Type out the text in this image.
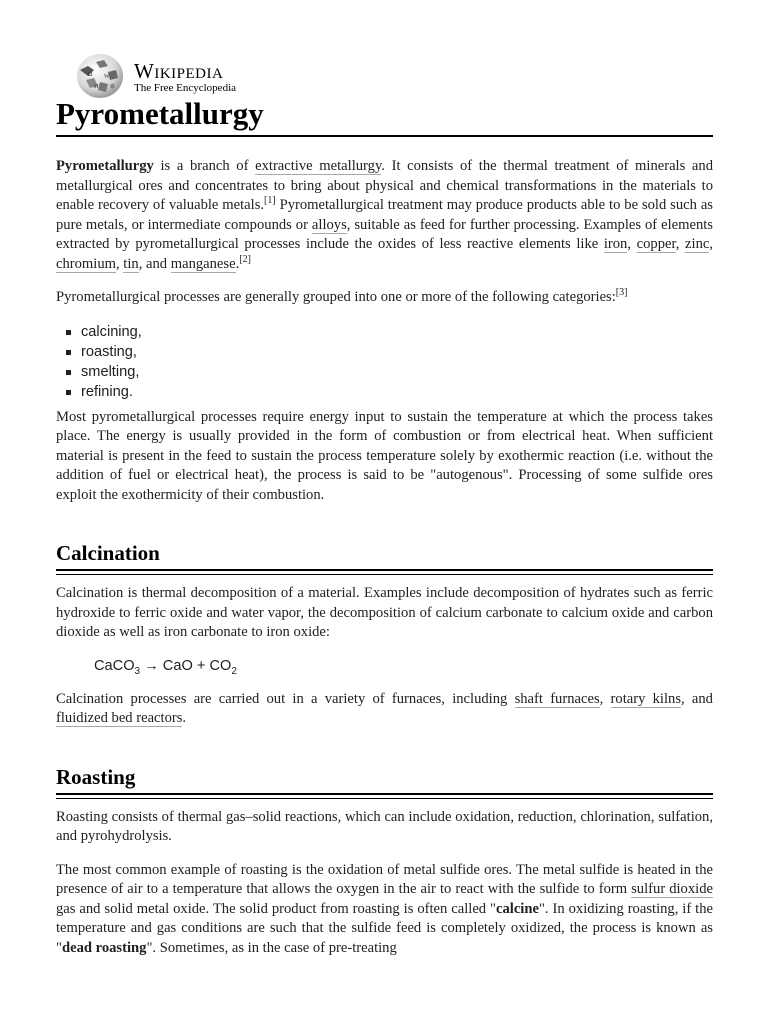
Ω W
И 維
Wikipedia
The Free Encyclopedia
Pyrometallurgy

Pyrometallurgy is a branch of extractive metallurgy. It consists of the thermal treatment of minerals and metallurgical ores and concentrates to bring about physical and chemical transformations in the materials to enable recovery of valuable metals.[1] Pyrometallurgical treatment may produce products able to be sold such as pure metals, or intermediate compounds or alloys, suitable as feed for further processing. Examples of elements extracted by pyrometallurgical processes include the oxides of less reactive elements like iron, copper, zinc, chromium, tin, and manganese.[2]

Pyrometallurgical processes are generally grouped into one or more of the following categories:[3]

calcining,
roasting,
smelting,
refining.

Most pyrometallurgical processes require energy input to sustain the temperature at which the process takes place. The energy is usually provided in the form of combustion or from electrical heat. When sufficient material is present in the feed to sustain the process temperature solely by exothermic reaction (i.e. without the addition of fuel or electrical heat), the process is said to be "autogenous". Processing of some sulfide ores exploit the exothermicity of their combustion.

Calcination

Calcination is thermal decomposition of a material. Examples include decomposition of hydrates such as ferric hydroxide to ferric oxide and water vapor, the decomposition of calcium carbonate to calcium oxide and carbon dioxide as well as iron carbonate to iron oxide:

CaCO$_3$ → CaO + $CO_2$

Calcination processes are carried out in a variety of furnaces, including shaft furnaces, rotary kilns, and fluidized bed reactors.

Roasting

Roasting consists of thermal gas–solid reactions, which can include oxidation, reduction, chlorination, sulfation, and pyrohydrolysis.

The most common example of roasting is the oxidation of metal sulfide ores. The metal sulfide is heated in the presence of air to a temperature that allows the oxygen in the air to react with the sulfide to form sulfur dioxide gas and solid metal oxide. The solid product from roasting is often called "calcine". In oxidizing roasting, if the temperature and gas conditions are such that the sulfide feed is completely oxidized, the process is known as "dead roasting". Sometimes, as in the case of pre-treating
